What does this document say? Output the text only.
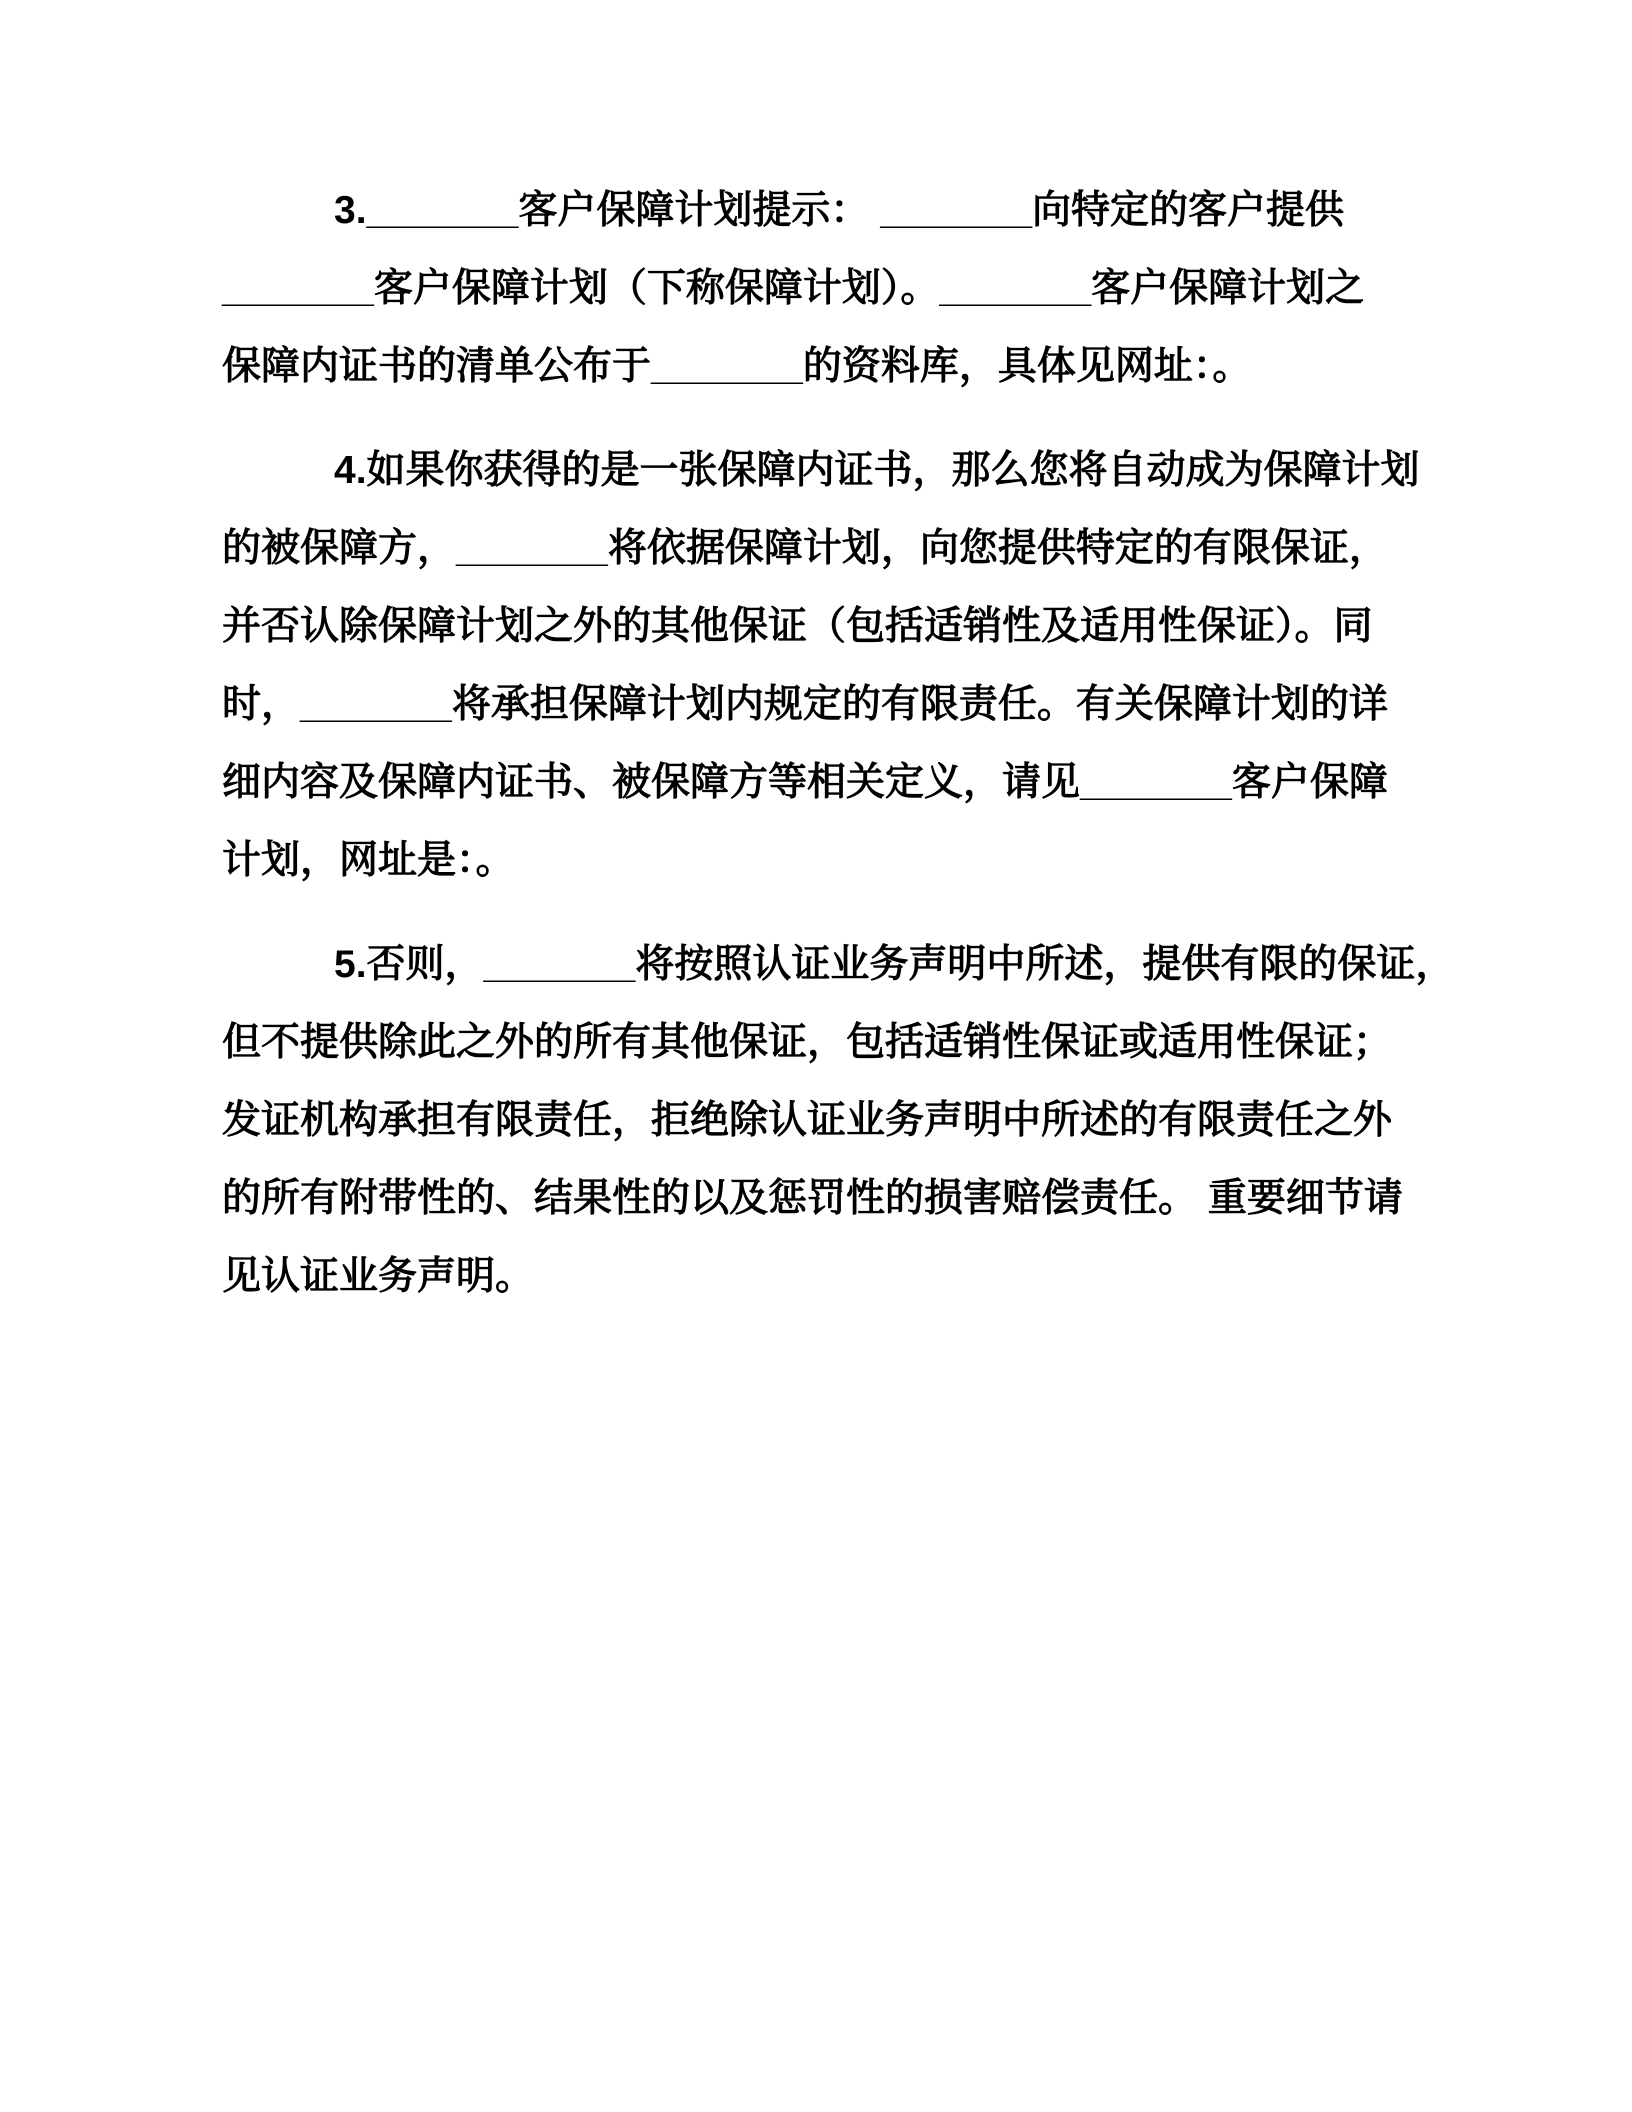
3._______客户保障计划提示： _______向特定的客户提供
_______客户保障计划（下称保障计划）。_______客户保障计划之
保障内证书的清单公布于_______的资料库，具体见网址：。
4.如果你获得的是一张保障内证书，那么您将自动成为保障计划
的被保障方，_______将依据保障计划，向您提供特定的有限保证，
并否认除保障计划之外的其他保证（包括适销性及适用性保证）。同
时，_______将承担保障计划内规定的有限责任。有关保障计划的详
细内容及保障内证书、被保障方等相关定义，请见_______客户保障
计划，网址是：。
5.否则，_______将按照认证业务声明中所述，提供有限的保证，
但不提供除此之外的所有其他保证，包括适销性保证或适用性保证；
发证机构承担有限责任，拒绝除认证业务声明中所述的有限责任之外
的所有附带性的、结果性的以及惩罚性的损害赔偿责任。 重要细节请
见认证业务声明。
